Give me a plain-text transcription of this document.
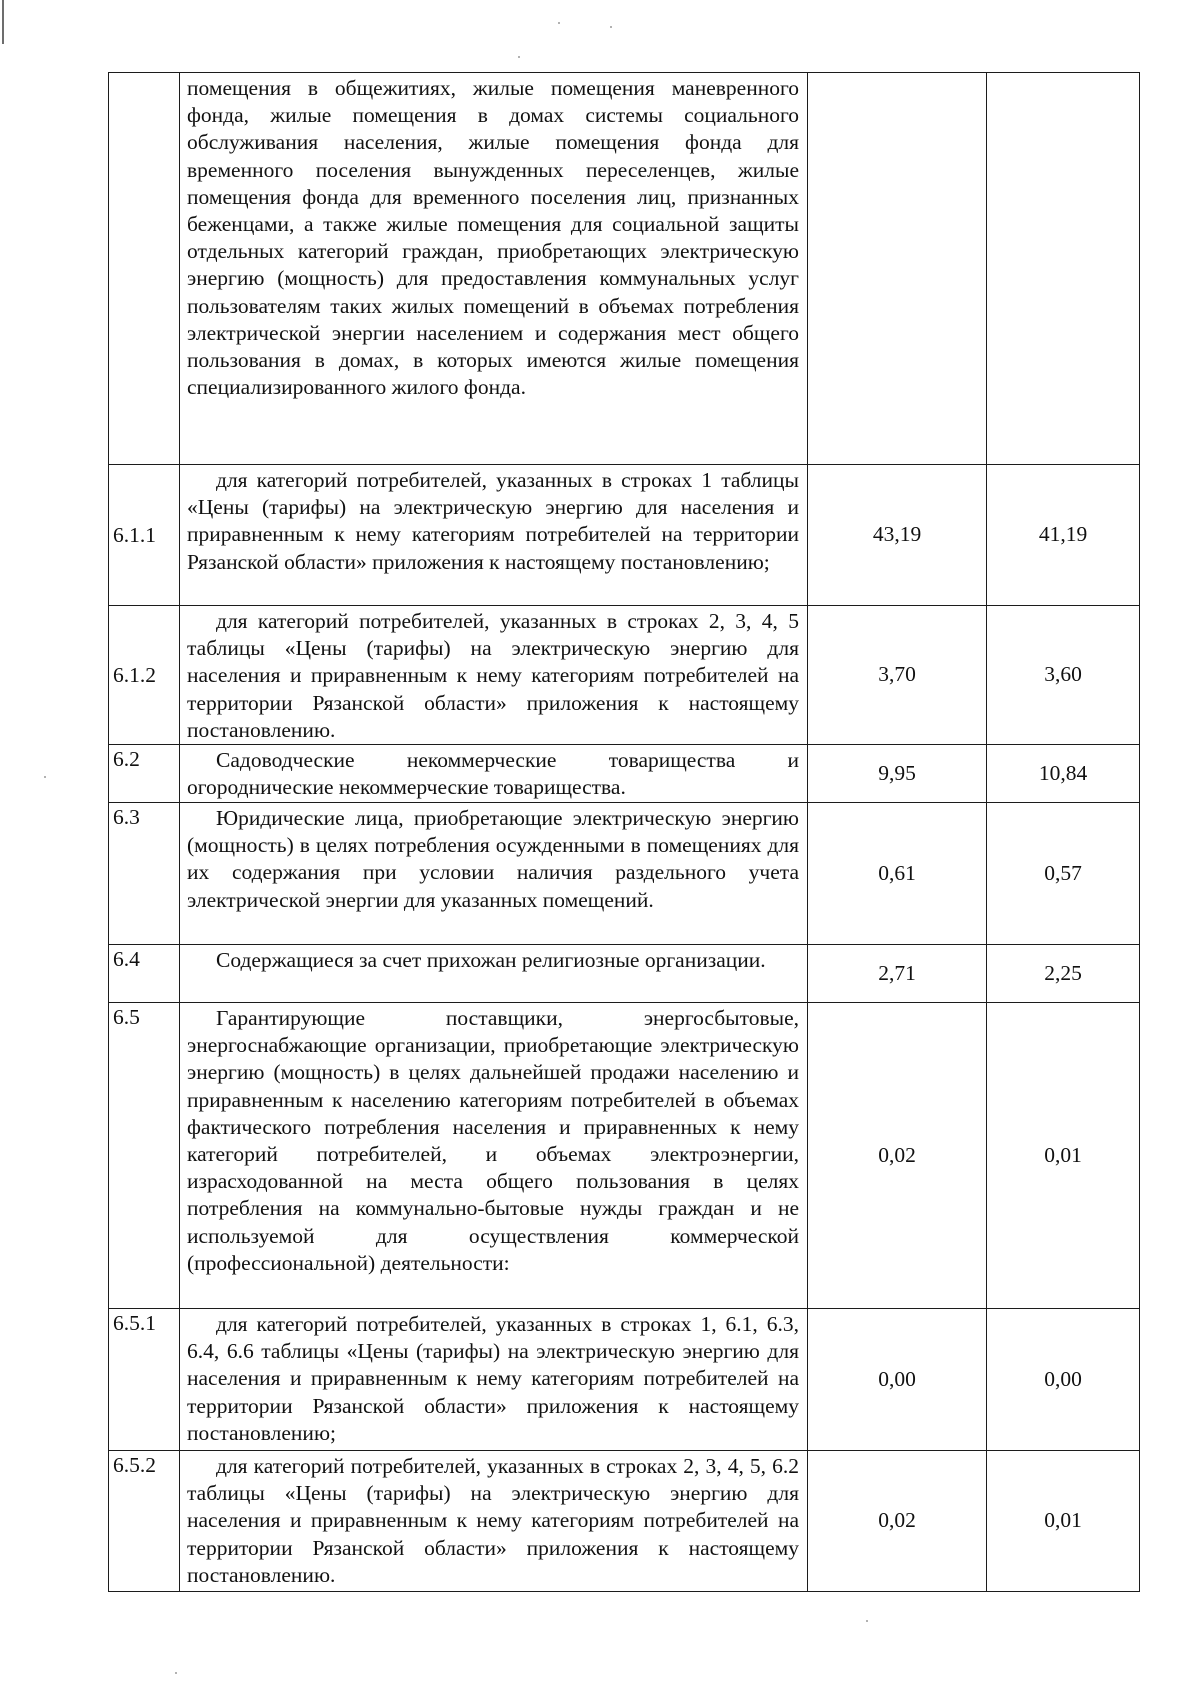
	помещения в общежитиях, жилые помещения маневренного фонда, жилые помещения в домах системы социального обслуживания населения, жилые помещения фонда для временного поселения вынужденных переселенцев, жилые помещения фонда для временного поселения лиц, признанных беженцами, а также жилые помещения для социальной защиты отдельных категорий граждан, приобретающих электрическую энергию (мощность) для предоставления коммунальных услуг пользователям таких жилых помещений в объемах потребления электрической энергии населением и содержания мест общего пользования в домах, в которых имеются жилые помещения специализированного жилого фонда.		
6.1.1	для категорий потребителей, указанных в строках 1 таблицы «Цены (тарифы) на электрическую энергию для населения и приравненным к нему категориям потребителей на территории Рязанской области» приложения к настоящему постановлению;	43,19	41,19
6.1.2	для категорий потребителей, указанных в строках 2, 3, 4, 5 таблицы «Цены (тарифы) на электрическую энергию для населения и приравненным к нему категориям потребителей на территории Рязанской области» приложения к настоящему постановлению.	3,70	3,60
6.2	Садоводческие некоммерческие товарищества и огороднические некоммерческие товарищества.	9,95	10,84
6.3	Юридические лица, приобретающие электрическую энергию (мощность) в целях потребления осужденными в помещениях для их содержания при условии наличия раздельного учета электрической энергии для указанных помещений.	0,61	0,57
6.4	Содержащиеся за счет прихожан религиозные организации.	2,71	2,25
6.5	Гарантирующие поставщики, энергосбытовые, энергоснабжающие организации, приобретающие электрическую энергию (мощность) в целях дальнейшей продажи населению и приравненным к населению категориям потребителей в объемах фактического потребления населения и приравненных к нему категорий потребителей, и объемах электроэнергии, израсходованной на места общего пользования в целях потребления на коммунально-бытовые нужды граждан и не используемой для осуществления коммерческой (профессиональной) деятельности:	0,02	0,01
6.5.1	для категорий потребителей, указанных в строках 1, 6.1, 6.3, 6.4, 6.6 таблицы «Цены (тарифы) на электрическую энергию для населения и приравненным к нему категориям потребителей на территории Рязанской области» приложения к настоящему постановлению;	0,00	0,00
6.5.2	для категорий потребителей, указанных в строках 2, 3, 4, 5, 6.2 таблицы «Цены (тарифы) на электрическую энергию для населения и приравненным к нему категориям потребителей на территории Рязанской области» приложения к настоящему постановлению.	0,02	0,01
